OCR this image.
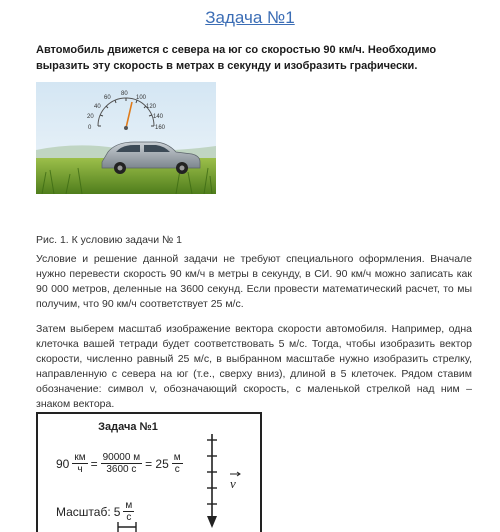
Задача №1
Автомобиль движется с севера на юг со скоростью 90 км/ч. Необходимо выразить эту скорость в метрах в секунду и изобразить графически.
0
20
40
60
80
100
120
140
160
Рис. 1. К условию задачи № 1
Условие и решение данной задачи не требуют специального оформления. Вначале нужно перевести скорость 90 км/ч в метры в секунду, в СИ. 90 км/ч можно записать как 90 000 метров, деленные на 3600 секунд. Если провести математический расчет, то мы получим, что 90 км/ч соответствует 25 м/с.
Затем выберем масштаб изображение вектора скорости автомобиля. Например, одна клеточка вашей тетради будет соответствовать 5 м/с. Тогда, чтобы изобразить вектор скорости, численно равный 25 м/с, в выбранном масштабе нужно изобразить стрелку, направленную с севера на юг (т.е., сверху вниз), длиной в 5 клеточек. Рядом ставим обозначение: символ v, обозначающий скорость, с маленькой стрелкой над ним – знаком вектора.
Задача №1
$90 \frac{км}{ч} = \frac{90000 м}{3600 с} = 25 \frac{м}{с}$
Масштаб: $5 \frac{м}{с}$
v
